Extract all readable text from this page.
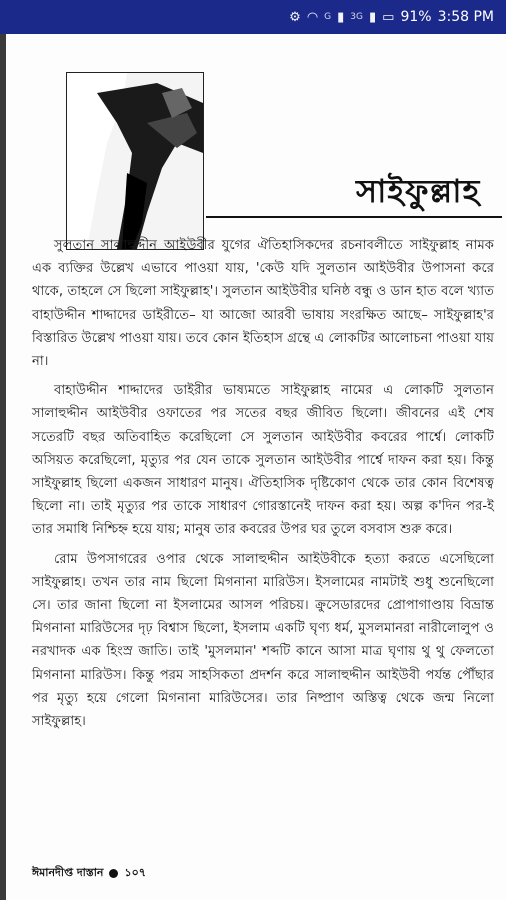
⚙ ◠ G ▮ 3G ▮ ▭ 91% 3:58 PM
সাইফুল্লাহ

সুলতান সালাহুদ্দীন আইউবীর যুগের ঐতিহাসিকদের রচনাবলীতে সাইফুল্লাহ নামক এক ব্যক্তির উল্লেখ এভাবে পাওয়া যায়, 'কেউ যদি সুলতান আইউবীর উপাসনা করে থাকে, তাহলে সে ছিলো সাইফুল্লাহ'। সুলতান আইউবীর ঘনিষ্ঠ বন্ধু ও ডান হাত বলে খ্যাত বাহাউদ্দীন শাদ্দাদের ডাইরীতে– যা আজো আরবী ভাষায় সংরক্ষিত আছে– সাইফুল্লাহ'র বিস্তারিত উল্লেখ পাওয়া যায়। তবে কোন ইতিহাস গ্রন্থে এ লোকটির আলোচনা পাওয়া যায় না।

বাহাউদ্দীন শাদ্দাদের ডাইরীর ভাষ্যমতে সাইফুল্লাহ নামের এ লোকটি সুলতান সালাহুদ্দীন আইউবীর ওফাতের পর সতের বছর জীবিত ছিলো। জীবনের এই শেষ সতেরটি বছর অতিবাহিত করেছিলো সে সুলতান আইউবীর কবরের পার্শ্বে। লোকটি অসিয়ত করেছিলো, মৃত্যুর পর যেন তাকে সুলতান আইউবীর পার্শ্বে দাফন করা হয়। কিন্তু সাইফুল্লাহ ছিলো একজন সাধারণ মানুষ। ঐতিহাসিক দৃষ্টিকোণ থেকে তার কোন বিশেষত্ব ছিলো না। তাই মৃত্যুর পর তাকে সাধারণ গোরস্তানেই দাফন করা হয়। অল্প ক'দিন পর-ই তার সমাধি নিশ্চিহ্ন হয়ে যায়; মানুষ তার কবরের উপর ঘর তুলে বসবাস শুরু করে।

রোম উপসাগরের ওপার থেকে সালাহুদ্দীন আইউবীকে হত্যা করতে এসেছিলো সাইফুল্লাহ। তখন তার নাম ছিলো মিগনানা মারিউস। ইসলামের নামটাই শুধু শুনেছিলো সে। তার জানা ছিলো না ইসলামের আসল পরিচয়। ক্রুসেডারদের প্রোপাগাণ্ডায় বিভ্রান্ত মিগনানা মারিউসের দৃঢ় বিশ্বাস ছিলো, ইসলাম একটি ঘৃণ্য ধর্ম, মুসলমানরা নারীলোলুপ ও নরখাদক এক হিংস্র জাতি। তাই 'মুসলমান' শব্দটি কানে আসা মাত্র ঘৃণায় থু থু ফেলতো মিগনানা মারিউস। কিন্তু পরম সাহসিকতা প্রদর্শন করে সালাহুদ্দীন আইউবী পর্যন্ত পৌঁছার পর মৃত্যু হয়ে গেলো মিগনানা মারিউসের। তার নিষ্প্রাণ অস্তিত্ব থেকে জন্ম নিলো সাইফুল্লাহ।

ঈমানদীপ্ত দাস্তান ১০৭
